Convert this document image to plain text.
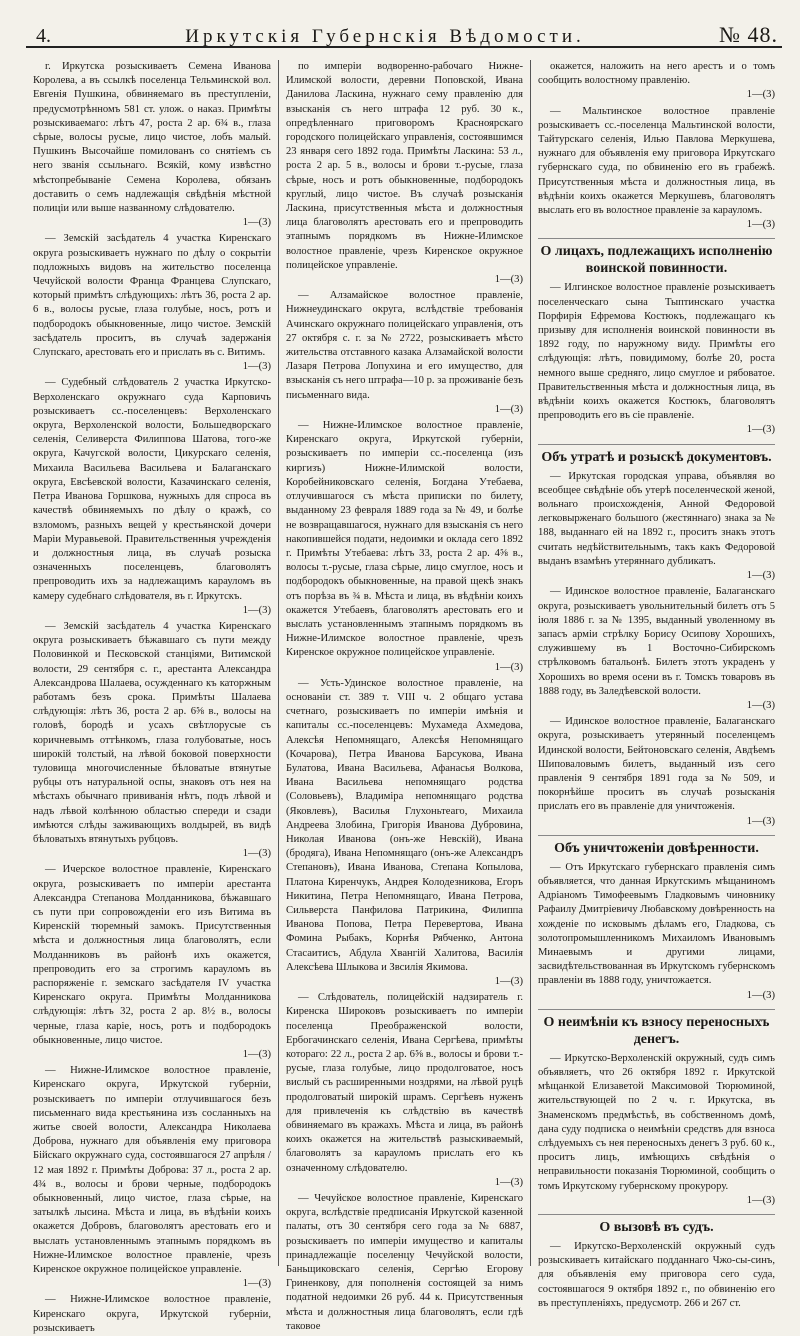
4.	Иркутскія Губернскія Вѣдомости.	№ 48.

г. Иркутска розыскиваетъ Семена Иванова Королева, а въ ссылкѣ поселенца Тельминской вол. Евгенія Пушкина, обвиняемаго въ преступленіи, предусмотрѣнномъ 581 ст. улож. о наказ. Примѣты розыскиваемаго: лѣтъ 47, роста 2 ар. 6¾ в., глаза сѣрые, волосы русые, лицо чистое, лобъ малый. Пушкинъ Высочайше помилованъ со снятіемъ съ него званія ссыльнаго. Всякій, кому извѣстно мѣстопребываніе Семена Королева, обязанъ доставить о семъ надлежащія свѣдѣнія мѣстной полиціи или выше названному слѣдователю.

1—(3)

— Земскій засѣдатель 4 участка Киренскаго округа розыскиваетъ нужнаго по дѣлу о сокрытіи подложныхъ видовъ на жительство поселенца Чечуйской волости Франца Францева Слупскаго, который примѣтъ слѣдующихъ: лѣтъ 36, роста 2 ар. 6 в., волосы русые, глаза голубые, носъ, ротъ и подбородокъ обыкновенные, лицо чистое. Земскій засѣдатель проситъ, въ случаѣ задержанія Слупскаго, арестовать его и прислать въ с. Витимъ.

1—(3)

— Судебный слѣдователь 2 участка Иркутско-Верхоленскаго окружнаго суда Карповичъ розыскиваетъ сс.-поселенцевъ: Верхоленскаго округа, Верхоленской волости, Большедворскаго селенія, Селиверста Филиппова Шатова, того-же округа, Качугской волости, Цикурскаго селенія, Михаила Васильева Васильева и Балаганскаго округа, Евсѣевской волости, Казачинскаго селенія, Петра Иванова Горшкова, нужныхъ для спроса въ качествѣ обвиняемыхъ по дѣлу о кражѣ, со взломомъ, разныхъ вещей у крестьянской дочери Маріи Муравьевой. Правительственныя учрежденія и должностныя лица, въ случаѣ розыска означенныхъ поселенцевъ, благоволятъ препроводить ихъ за надлежащимъ карауломъ въ камеру судебнаго слѣдователя, въ г. Иркутскъ.

1—(3)

— Земскій засѣдатель 4 участка Киренскаго округа розыскиваетъ бѣжавшаго съ пути между Половинкой и Песковской станціями, Витимской волости, 29 сентября с. г., арестанта Александра Александрова Шалаева, осужденнаго къ каторжным работамъ безъ срока. Примѣты Шалаева слѣдующія: лѣтъ 36, роста 2 ар. 6⅝ в., волосы на головѣ, бородѣ и усахъ свѣтлорусые съ коричневымъ оттѣнкомъ, глаза голубоватые, носъ широкій толстый, на лѣвой боковой поверхности туловища многочисленные бѣловатые втянутые рубцы отъ натуральной оспы, знаковъ отъ нея на мѣстахъ обычнаго прививанія нѣтъ, подъ лѣвой и надъ лѣвой колѣнною областью спереди и сзади имѣются слѣды заживающихъ волдырей, въ видѣ бѣловатыхъ втянутыхъ рубцовъ.

1—(3)

— Ичерское волостное правленіе, Киренскаго округа, розыскиваетъ по имперіи арестанта Александра Степанова Молданникова, бѣжавшаго съ пути при сопровожденіи его изъ Витима въ Киренскій тюремный замокъ. Присутственныя мѣста и должностныя лица благоволятъ, если Молданниковъ въ районѣ ихъ окажется, препроводить его за строгимъ карауломъ въ распоряженіе г. земскаго засѣдателя IV участка Киренскаго округа. Примѣты Молданникова слѣдующія: лѣтъ 32, роста 2 ар. 8½ в., волосы черные, глаза каріе, носъ, ротъ и подбородокъ обыкновенные, лицо чистое.

1—(3)

— Нижне-Илимское волостное правленіе, Киренскаго округа, Иркутской губерніи, розыскиваетъ по имперіи отлучившагося безъ письменнаго вида крестьянина изъ сосланныхъ на житье своей волости, Александра Николаева Доброва, нужнаго для объявленія ему приговора Бійскаго окружнаго суда, состоявшагося 27 апрѣля / 12 мая 1892 г. Примѣты Доброва: 37 л., роста 2 ар. 4¾ в., волосы и брови черные, подбородокъ обыкновенный, лицо чистое, глаза сѣрые, на затылкѣ лысина. Мѣста и лица, въ вѣдѣніи коихъ окажется Добровъ, благоволятъ арестовать его и выслать установленнымъ этапнымъ порядкомъ въ Нижне-Илимское волостное правленіе, чрезъ Киренское окружное полицейское управленіе.

1—(3)

— Нижне-Илимское волостное правленіе, Киренскаго округа, Иркутской губерніи, розыскиваетъ

по имперіи водворенно-рабочаго Нижне-Илимской волости, деревни Поповской, Ивана Данилова Ласкина, нужнаго сему правленію для взысканія съ него штрафа 12 руб. 30 к., опредѣленнаго приговоромъ Красноярскаго городского полицейскаго управленія, состоявшимся 23 января сего 1892 года. Примѣты Ласкина: 53 л., роста 2 ар. 5 в., волосы и брови т.-русые, глаза сѣрые, носъ и ротъ обыкновенные, подбородокъ круглый, лицо чистое. Въ случаѣ розысканія Ласкина, присутственныя мѣста и должностныя лица благоволятъ арестовать его и препроводить этапнымъ порядкомъ въ Нижне-Илимское волостное правленіе, чрезъ Киренское окружное полицейское управленіе.

1—(3)

— Алзамайское волостное правленіе, Нижнеудинскаго округа, вслѣдствіе требованія Ачинскаго окружнаго полицейскаго управленія, отъ 27 октября с. г. за № 2722, розыскиваетъ мѣсто жительства отставного казака Алзамайской волости Лазаря Петрова Лопухина и его имущество, для взысканія съ него штрафа—10 р. за проживаніе безъ письменнаго вида.

1—(3)

— Нижне-Илимское волостное правленіе, Киренскаго округа, Иркутской губерніи, розыскиваетъ по имперіи сс.-поселенца (изъ киргизъ) Нижне-Илимской волости, Коробейниковскаго селенія, Богдана Утебаева, отлучившагося съ мѣста приписки по билету, выданному 23 февраля 1889 года за № 49, и болѣе не возвращавшагося, нужнаго для взысканія съ него накопившейся подати, недоимки и оклада сего 1892 г. Примѣты Утебаева: лѣтъ 33, роста 2 ар. 4⅝ в., волосы т.-русые, глаза сѣрые, лицо смуглое, носъ и подбородокъ обыкновенные, на правой щекѣ знакъ отъ порѣза въ ¾ в. Мѣста и лица, въ вѣдѣніи коихъ окажется Утебаевъ, благоволятъ арестовать его и выслать установленнымъ этапнымъ порядкомъ въ Нижне-Илимское волостное правленіе, чрезъ Киренское окружное полицейское управленіе.

1—(3)

— Усть-Удинское волостное правленіе, на основаніи ст. 389 т. VIII ч. 2 общаго устава счетнаго, розыскиваетъ по имперіи имѣнія и капиталы сс.-поселенцевъ: Мухамеда Ахмедова, Алексѣя Непомнящаго, Алексѣя Непомнящаго (Кочарова), Петра Иванова Барсукова, Ивана Булатова, Ивана Васильева, Афанасья Волкова, Ивана Васильева непомнящаго родства (Соловьевъ), Владиміра непомнящаго родства (Яковлевъ), Василья Глухоньтеаго, Михаила Андреева Злобина, Григорія Иванова Дубровина, Николая Иванова (онъ-же Невскій), Ивана (бродяга), Ивана Непомнящаго (онъ-же Александръ Степановъ), Ивана Иванова, Степана Копылова, Платона Киренчукъ, Андрея Колодезникова, Егоръ Никитина, Петра Непомнящаго, Ивана Петрова, Сильверста Панфилова Патрикина, Филиппа Иванова Попова, Петра Перевертова, Ивана Фомина Рыбакъ, Корнѣя Рябченко, Антона Стасаитисъ, Абдула Хвангій Халитова, Василія Алексѣева Шлыкова и Звсилія Якимова.

1—(3)

— Слѣдователь, полицейскій надзиратель г. Киренска Широковъ розыскиваетъ по имперіи поселенца Преображенской волости, Ербогачинскаго селенія, Ивана Сергѣева, примѣты котораго: 22 л., роста 2 ар. 6⅝ в., волосы и брови т.-русые, глаза голубые, лицо продолговатое, носъ вислый съ расширенными ноздрями, на лѣвой руцѣ продолговатый широкій шрамъ. Сергѣевъ нуженъ для привлеченія къ слѣдствію въ качествѣ обвиняемаго въ кражахъ. Мѣста и лица, въ районѣ коихъ окажется на жительствѣ разыскиваемый, благоволятъ за карауломъ прислать его къ означенному слѣдователю.

1—(3)

— Чечуйское волостное правленіе, Киренскаго округа, вслѣдствіе предписанія Иркутской казенной палаты, отъ 30 сентября сего года за № 6887, розыскиваетъ по имперіи имущество и капиталы принадлежащіе поселенцу Чечуйской волости, Баньщиковскаго селенія, Сергѣю Егорову Гриненкову, для пополненія состоящей за нимъ податной недоимки 26 руб. 44 к. Присутственныя мѣста и должностныя лица благоволятъ, если гдѣ таковое

окажется, наложить на него арестъ и о томъ сообщить волостному правленію.

1—(3)

— Мальтинское волостное правленіе розыскиваетъ сс.-поселенца Мальтинской волости, Тайтурскаго селенія, Илью Павлова Меркушева, нужнаго для объявленія ему приговора Иркутскаго губернскаго суда, по обвиненію его въ грабежѣ. Присутственныя мѣста и должностныя лица, въ вѣдѣніи коихъ окажется Меркушевъ, благоволятъ выслать его въ волостное правленіе за карауломъ.

1—(3)
О лицахъ, подлежащихъ исполненію воинской повинности.

— Илгинское волостное правленіе розыскиваетъ поселенческаго сына Тыптинскаго участка Порфирія Ефремова Костюкъ, подлежащаго къ призыву для исполненія воинской повинности въ 1892 году, по наружному виду. Примѣты его слѣдующія: лѣтъ, повидимому, болѣе 20, роста немного выше средняго, лицо смуглое и рябоватое. Правительственныя мѣста и должностныя лица, въ вѣдѣніи коихъ окажется Костюкъ, благоволятъ препроводить его въ сіе правленіе.

1—(3)
Объ утратѣ и розыскѣ документовъ.

— Иркутская городская управа, объявляя во всеобщее свѣдѣніе объ утерѣ поселенческой женой, вольнаго происхожденія, Анной Федоровой легковырженаго большого (жестяннаго) знака за № 188, выданнаго ей на 1892 г., проситъ знакъ этотъ считать недѣйствительнымъ, такъ какъ Федоровой выданъ взамѣнъ утеряннаго дубликатъ.

1—(3)

— Идинское волостное правленіе, Балаганскаго округа, розыскиваетъ увольнительный билетъ отъ 5 іюля 1886 г. за № 1395, выданный уволенному въ запасъ арміи стрѣлку Борису Осипову Хорошихъ, служившему въ 1 Восточно-Сибирскомъ стрѣлковомъ батальонѣ. Билетъ этотъ украденъ у Хорошихъ во время осени въ г. Томскъ товаровъ въ 1888 году, въ Заледѣевской волости.

1—(3)

— Идинское волостное правленіе, Балаганскаго округа, розыскиваетъ утерянный поселенцемъ Идинской волости, Бейтоновскаго селенія, Авдѣемъ Шиповаловымъ билетъ, выданный изъ сего правленія 9 сентября 1891 года за № 509, и покорнѣйше проситъ въ случаѣ розысканія прислать его въ правленіе для уничтоженія.

1—(3)
Объ уничтоженіи довѣренности.

— Отъ Иркутскаго губернскаго правленія симъ объявляется, что данная Иркутскимъ мѣщаниномъ Адріаномъ Тимофеевымъ Гладковымъ чиновнику Рафаилу Дмитріевичу Любавскому довѣренность на хожденіе по исковымъ дѣламъ его, Гладкова, съ золотопромышленникомъ Михаиломъ Ивановымъ Минаевымъ и другими лицами, засвидѣтельствованная въ Иркутскомъ губернскомъ правленіи въ 1888 году, уничтожается.

1—(3)
О неимѣніи къ взносу переносныхъ денегъ.

— Иркутско-Верхоленскій окружный, судъ симъ объявляетъ, что 26 октября 1892 г. Иркутской мѣщанкой Елизаветой Максимовой Тюрюминой, жительствующей по 2 ч. г. Иркутска, въ Знаменскомъ предмѣстьѣ, въ собственномъ домѣ, дана суду подписка о неимѣніи средствъ для взноса слѣдуемыхъ съ нея переносныхъ денегъ 3 руб. 60 к., проситъ лицъ, имѣющихъ свѣдѣнія о неправильности показанія Тюрюминой, сообщить о томъ Иркутскому губернскому прокурору.

1—(3)
О вызовѣ въ судъ.

— Иркутско-Верхоленскій окружный судъ розыскиваетъ китайскаго подданнаго Чжо-сы-синъ, для объявленія ему приговора сего суда, состоявшагося 9 октября 1892 г., по обвиненію его въ преступленіяхъ, предусмотр. 266 и 267 ст.
